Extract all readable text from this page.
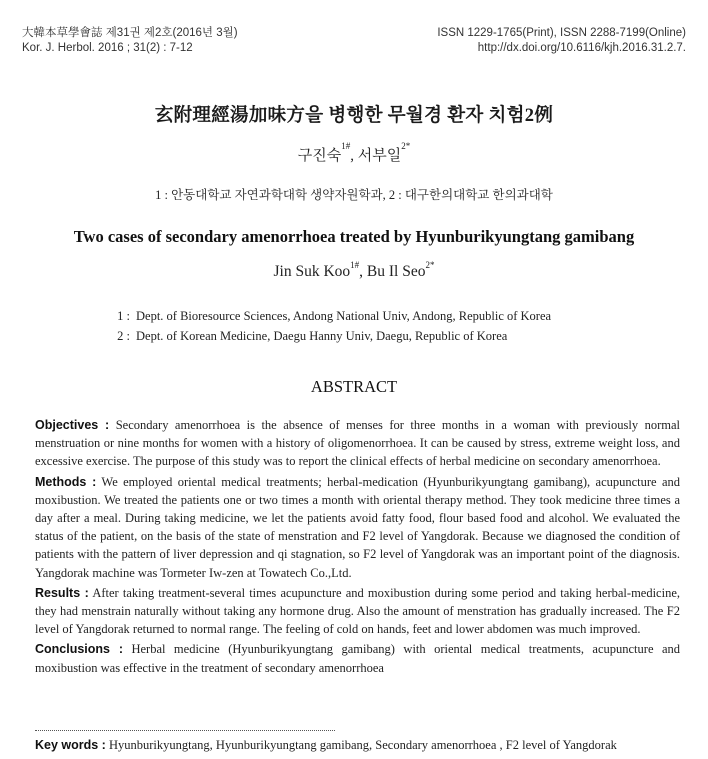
大韓本草學會誌 제31권 제2호(2016년 3월)
Kor. J. Herbol. 2016 ; 31(2) : 7-12
ISSN 1229-1765(Print), ISSN 2288-7199(Online)
http://dx.doi.org/10.6116/kjh.2016.31.2.7.
玄附理經湯加味方을 병행한 무월경 환자 치험2例
구진숙$^{1\#}$, 서부일$^{2*}$
1 : 안동대학교 자연과학대학 생약자원학과, 2 : 대구한의대학교 한의과대학
Two cases of secondary amenorrhoea treated by Hyunburikyungtang gamibang
Jin Suk Koo$^{1\#}$, Bu Il Seo$^{2*}$
1 : Dept. of Bioresource Sciences, Andong National Univ, Andong, Republic of Korea
2 : Dept. of Korean Medicine, Daegu Hanny Univ, Daegu, Republic of Korea
ABSTRACT

Objectives : Secondary amenorrhoea is the absence of menses for three months in a woman with previously normal menstruation or nine months for women with a history of oligomenorrhoea. It can be caused by stress, extreme weight loss, and excessive exercise. The purpose of this study was to report the clinical effects of herbal medicine on secondary amenorrhoea.

Methods : We employed oriental medical treatments; herbal-medication (Hyunburikyungtang gamibang), acupuncture and moxibustion. We treated the patients one or two times a month with oriental therapy method. They took medicine three times a day after a meal. During taking medicine, we let the patients avoid fatty food, flour based food and alcohol. We evaluated the status of the patient, on the basis of the state of menstration and F2 level of Yangdorak. Because we diagnosed the condition of patients with the pattern of liver depression and qi stagnation, so F2 level of Yangdorak was an important point of the diagnosis. Yangdorak machine was Tormeter Iw-zen at Towatech Co.,Ltd.

Results : After taking treatment-several times acupuncture and moxibustion during some period and taking herbal-medicine, they had menstrain naturally without taking any hormone drug. Also the amount of menstration has gradually increased. The F2 level of Yangdorak returned to normal range. The feeling of cold on hands, feet and lower abdomen was much improved.

Conclusions : Herbal medicine (Hyunburikyungtang gamibang) with oriental medical treatments, acupuncture and moxibustion was effective in the treatment of secondary amenorrhoea

Key words : Hyunburikyungtang, Hyunburikyungtang gamibang, Secondary amenorrhoea , F2 level of Yangdorak
